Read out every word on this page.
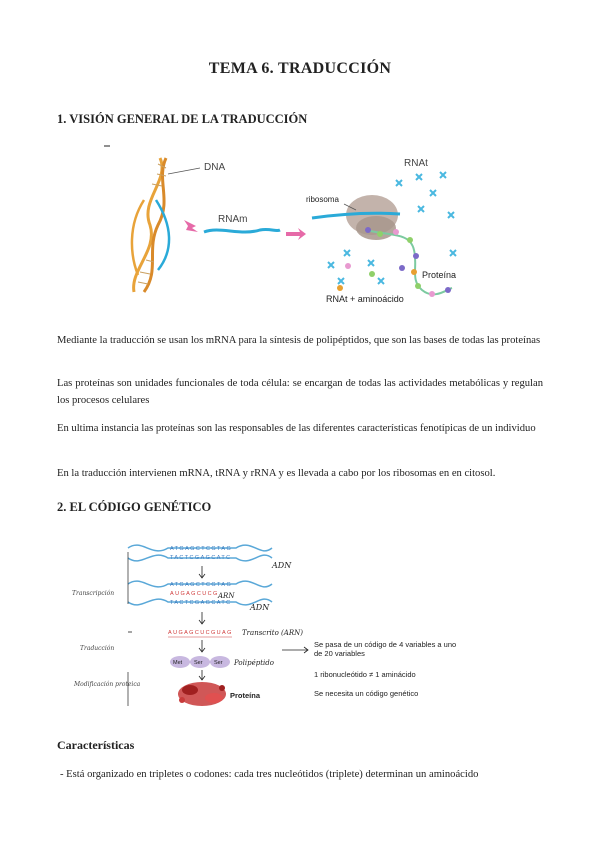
TEMA 6. TRADUCCIÓN
1. VISIÓN GENERAL DE LA TRADUCCIÓN
DNA
RNAm
ribosoma
RNAt
Proteína
RNAt + aminoácido

Mediante la traducción se usan los mRNA para la síntesis de polipéptidos, que son las bases de todas las proteínas

Las proteínas son unidades funcionales de toda célula: se encargan de todas las actividades metabólicas y regulan los procesos celulares

En ultima instancia las proteínas son las responsables de las diferentes características fenotípicas de un individuo

En la traducción intervienen mRNA, tRNA y rRNA y es llevada a cabo por los ribosomas en en citosol.

2. EL CÓDIGO GENÉTICO
ATGAGCTCGTAG
TACTCGAGCATC
ADN
ATGAGCTCGTAG
AUGAGCUCG
TACTCGAGCATC
ARN
ADN
AUGAGCUCGUAG Transcrito (ARN)
Met Ser Ser Polipéptido
Proteína
Transcripción
Traducción
Modificación proteica
Se pasa de un código de 4 variables a uno de 20 variables
1 ribonucleótido ≠ 1 aminácido
Se necesita un código genético
Características

- Está organizado en tripletes o codones: cada tres nucleótidos (triplete) determinan un aminoácido
